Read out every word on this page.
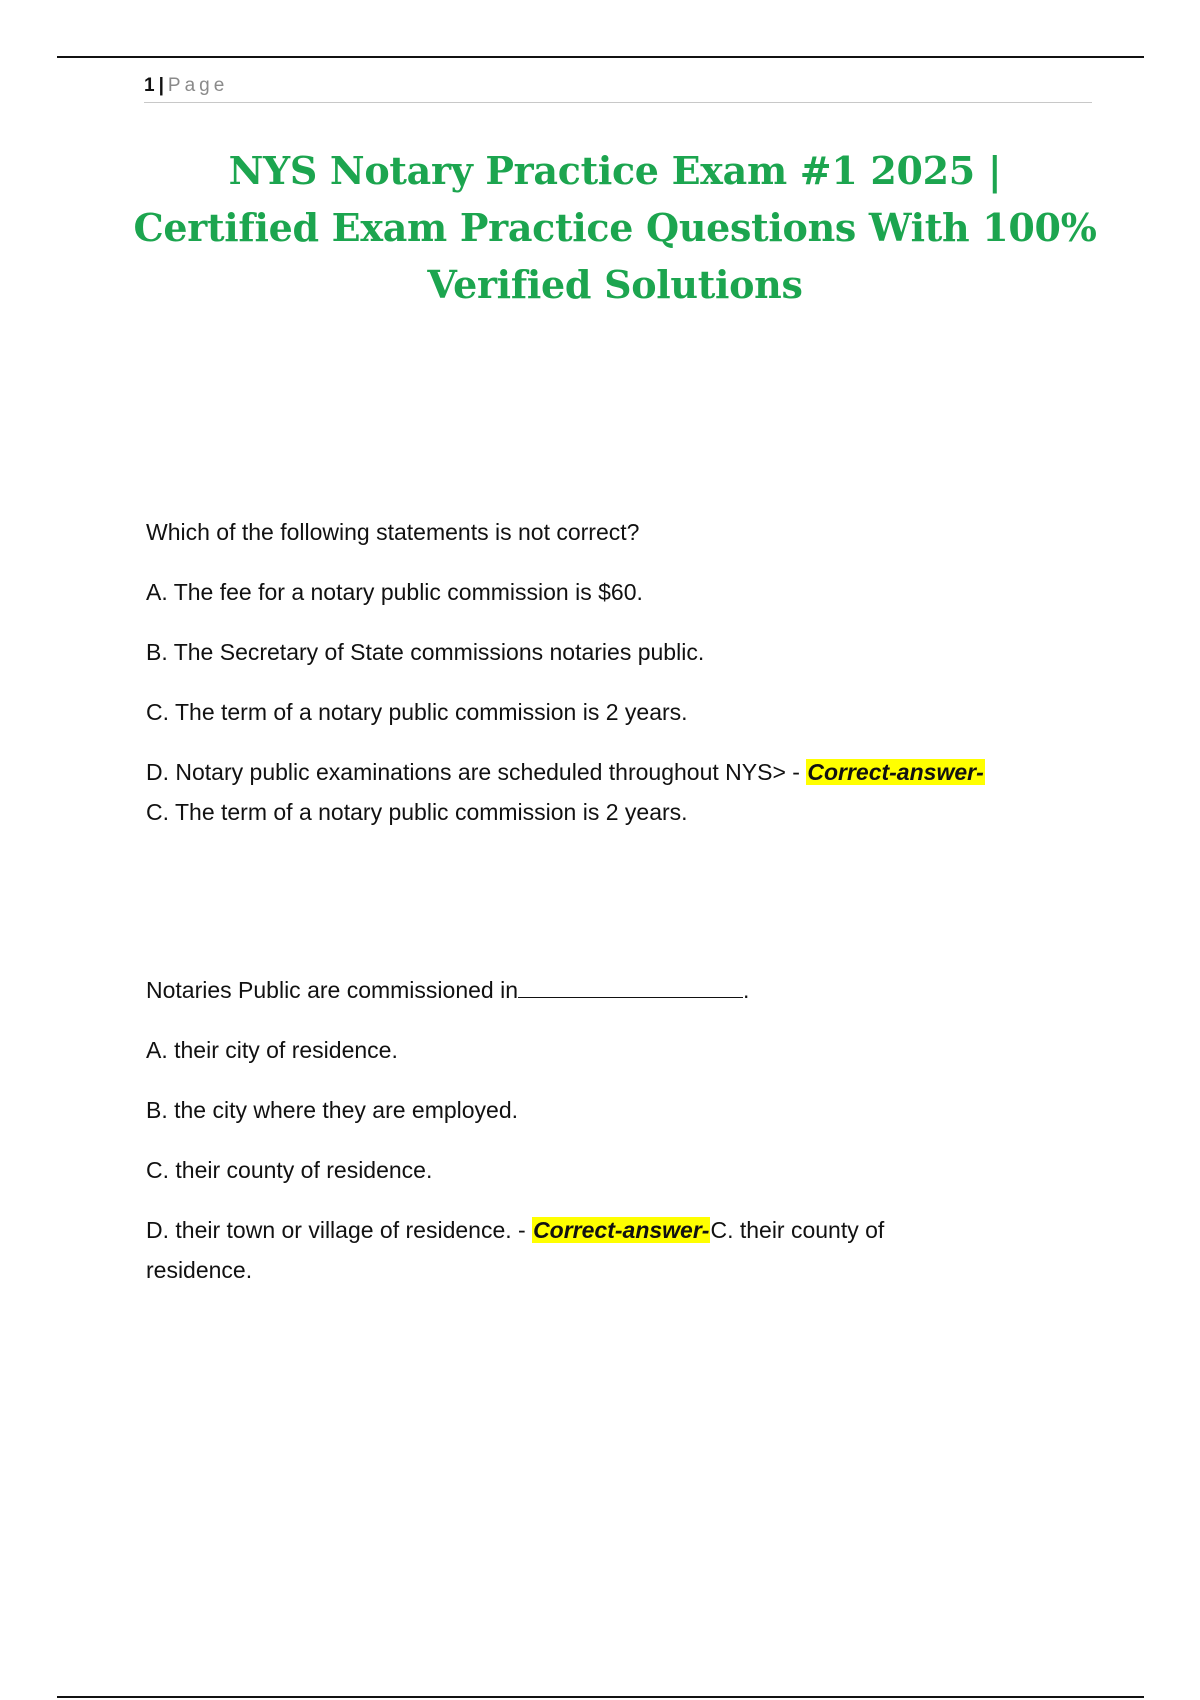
1 | Page
NYS Notary Practice Exam #1 2025 | Certified Exam Practice Questions With 100% Verified Solutions

Which of the following statements is not correct?

A. The fee for a notary public commission is $60.

B. The Secretary of State commissions notaries public.

C. The term of a notary public commission is 2 years.

D. Notary public examinations are scheduled throughout NYS> - Correct-answer-

C. The term of a notary public commission is 2 years.

Notaries Public are commissioned in	.

A. their city of residence.

B. the city where they are employed.

C. their county of residence.

D. their town or village of residence. - Correct-answer-C. their county of residence.
